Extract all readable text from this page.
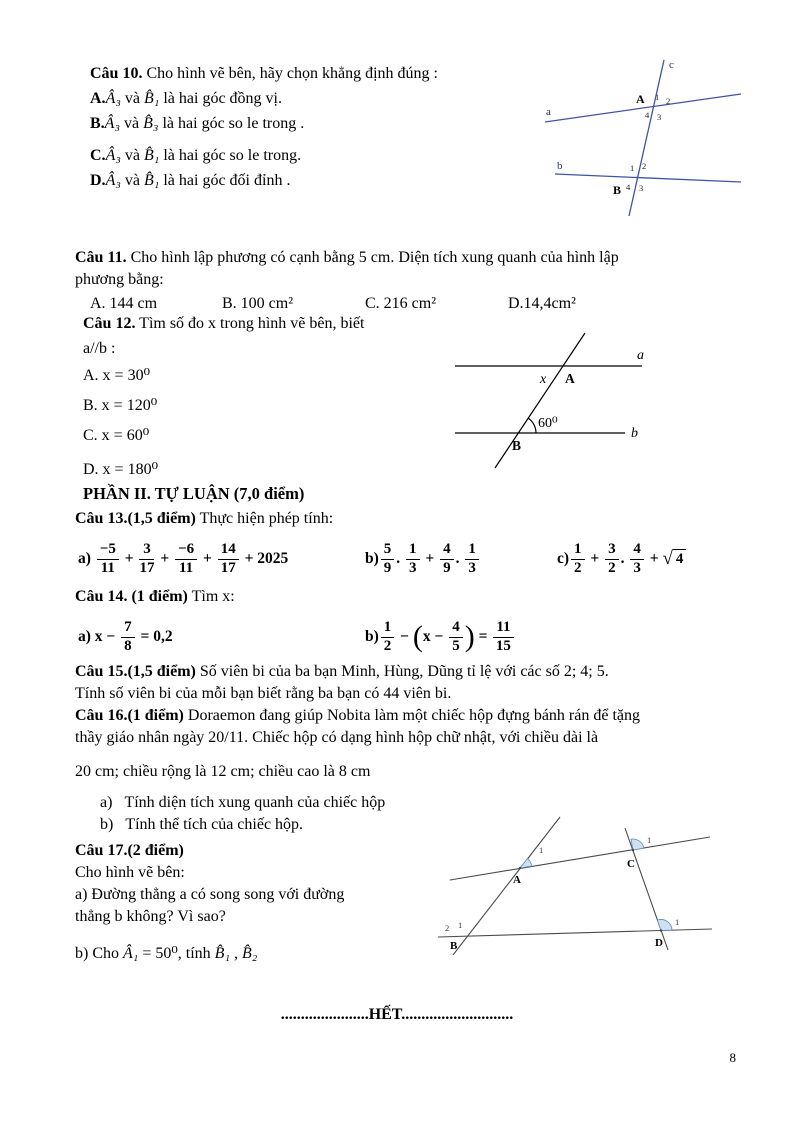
Câu 10. Cho hình vẽ bên, hãy chọn khẳng định đúng :
A.Â₃ và B̂₁ là hai góc đồng vị.
B.Â₃ và B̂₃ là hai góc so le trong .
C.Â₃ và B̂₁ là hai góc so le trong.
D.Â₃ và B̂₁ là hai góc đối đỉnh .
a
c
b
A 1 2
4 3
1 2
B 4 3
Câu 11. Cho hình lập phương có cạnh bằng 5 cm. Diện tích xung quanh của hình lập
phương bằng:
A. 144 cm	B. 100 cm²	C. 216 cm²	D.14,4cm²
Câu 12. Tìm số đo x trong hình vẽ bên, biết
a//b :
A. x = 30⁰
B. x = 120⁰
C. x = 60⁰
D. x = 180⁰
a
b
x A
60⁰
B
PHẦN II. TỰ LUẬN (7,0 điểm)
Câu 13.(1,5 điểm) Thực hiện phép tính:
$a) \frac{-5}{11} + \frac{3}{17} + \frac{-6}{11} + \frac{14}{17} + 2025$	$b) \frac{5}{9}$ . $\frac{1}{3} + \frac{4}{9}$ . $\frac{1}{3}$	$c) \frac{1}{2} + \frac{3}{2}$ . $\frac{4}{3}$ + √ 4
Câu 14. (1 điểm) Tìm x:
a) $x - \frac{7}{8} = 0,2$	$b) \frac{1}{2}$ − ( $x - \frac{4}{5}$ ) = $\frac{11}{15}$
Câu 15.(1,5 điểm) Số viên bi của ba bạn Minh, Hùng, Dũng tỉ lệ với các số 2; 4; 5.
Tính số viên bi của mỗi bạn biết rằng ba bạn có 44 viên bi.
Câu 16.(1 điểm) Doraemon đang giúp Nobita làm một chiếc hộp đựng bánh rán để tặng
thầy giáo nhân ngày 20/11. Chiếc hộp có dạng hình hộp chữ nhật, với chiều dài là
20 cm; chiều rộng là 12 cm; chiều cao là 8 cm
a) Tính diện tích xung quanh của chiếc hộp
b) Tính thể tích của chiếc hộp.
Câu 17.(2 điểm)
Cho hình vẽ bên:
a) Đường thẳng a có song song với đường
thẳng b không? Vì sao?
b) Cho Â₁ = 50⁰, tính B̂₁ , B̂₂
1
1
1
2 1
A
C
B	D
......................HẾT............................
8
